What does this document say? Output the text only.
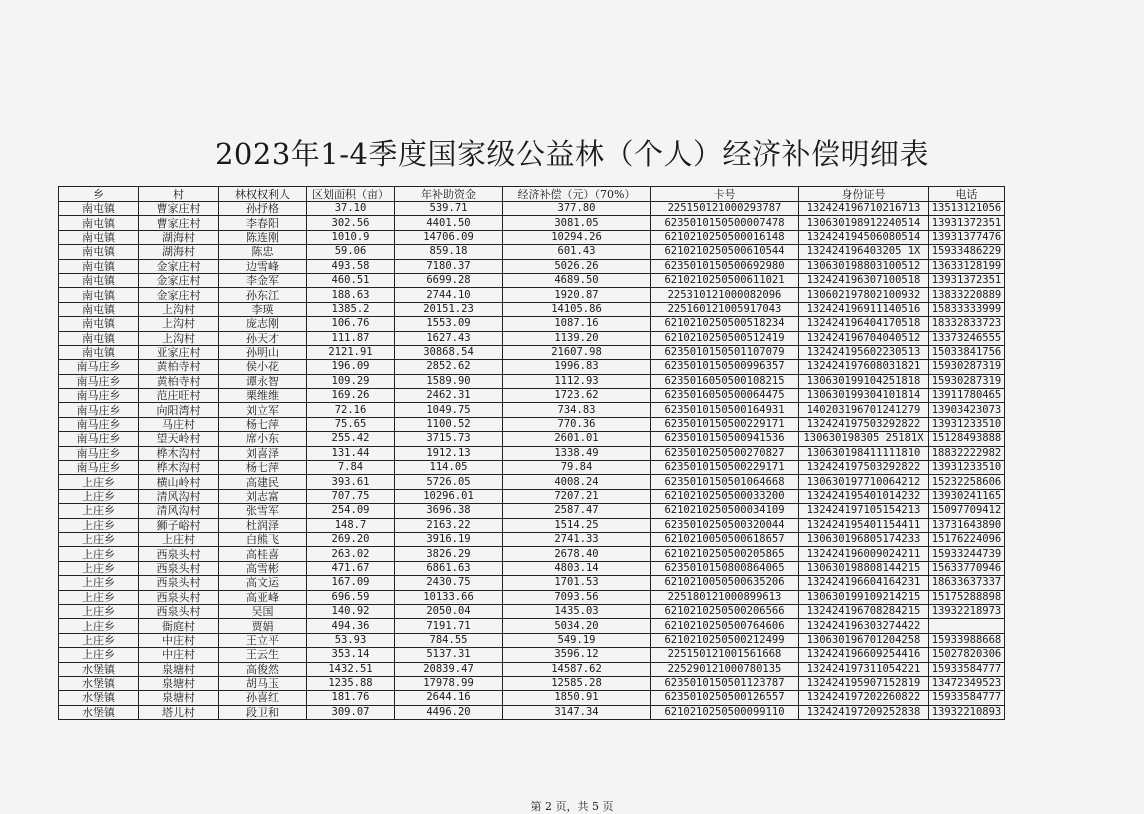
2023年1-4季度国家级公益林（个人）经济补偿明细表
乡	村	林权权利人	区划面积（亩）	年补助资金	经济补偿（元）（70%）	卡号	身份证号	电话
南屯镇	曹家庄村	孙抒格	37.10	539.71	377.80	225150121000293787	132424196710216713	13513121056
南屯镇	曹家庄村	李春阳	302.56	4401.50	3081.05	6235010150500007478	130630198912240514	13931372351
南屯镇	湖海村	陈连刚	1010.9	14706.09	10294.26	6210210250500016148	132424194506080514	13931377476
南屯镇	湖海村	陈忠	59.06	859.18	601.43	6210210250500610544	132424196403205 1X	15933486229
南屯镇	金家庄村	边雪峰	493.58	7180.37	5026.26	6235010150500692980	130630198803100512	13633128199
南屯镇	金家庄村	李金军	460.51	6699.28	4689.50	6210210250500611021	132424196307100518	13931372351
南屯镇	金家庄村	孙东江	188.63	2744.10	1920.87	225310121000082096	130602197802100932	13833220889
南屯镇	上沟村	李瑛	1385.2	20151.23	14105.86	225160121005917043	132424196911140516	15833333999
南屯镇	上沟村	庞志刚	106.76	1553.09	1087.16	6210210250500518234	132424196404170518	18332833723
南屯镇	上沟村	孙天才	111.87	1627.43	1139.20	6210210250500512419	132424196704040512	13373246555
南屯镇	亚家庄村	孙明山	2121.91	30868.54	21607.98	6235010150501107079	132424195602230513	15033841756
南马庄乡	黄柏寺村	侯小花	196.09	2852.62	1996.83	6235010150500996357	132424197608031821	15930287319
南马庄乡	黄柏寺村	谭永智	109.29	1589.90	1112.93	6235016050500108215	130630199104251818	15930287319
南马庄乡	范庄旺村	栗维维	169.26	2462.31	1723.62	6235016050500064475	130630199304101814	13911780465
南马庄乡	向阳湾村	刘立军	72.16	1049.75	734.83	6235010150500164931	140203196701241279	13903423073
南马庄乡	马庄村	杨七萍	75.65	1100.52	770.36	6235010150500229171	132424197503292822	13931233510
南马庄乡	望天岭村	席小东	255.42	3715.73	2601.01	6235010150500941536	130630198305 25181X	15128493888
南马庄乡	桦木沟村	刘喜泽	131.44	1912.13	1338.49	6235010250500270827	130630198411111810	18832222982
南马庄乡	桦木沟村	杨七萍	7.84	114.05	79.84	6235010150500229171	132424197503292822	13931233510
上庄乡	横山岭村	高建民	393.61	5726.05	4008.24	6235010150501064668	130630197710064212	15232258606
上庄乡	清风沟村	刘志富	707.75	10296.01	7207.21	6210210250500033200	132424195401014232	13930241165
上庄乡	清风沟村	张雪军	254.09	3696.38	2587.47	6210210250500034109	132424197105154213	15097709412
上庄乡	狮子峪村	杜润泽	148.7	2163.22	1514.25	6235010250500320044	132424195401154411	13731643890
上庄乡	上庄村	白熊飞	269.20	3916.19	2741.33	6210210050500618657	130630196805174233	15176224096
上庄乡	西泉头村	高桂喜	263.02	3826.29	2678.40	6210210250500205865	132424196009024211	15933244739
上庄乡	西泉头村	高雪彬	471.67	6861.63	4803.14	6235010150800864065	130630198808144215	15633770946
上庄乡	西泉头村	高文运	167.09	2430.75	1701.53	6210210050500635206	132424196604164231	18633637337
上庄乡	西泉头村	高亚峰	696.59	10133.66	7093.56	225180121000899613	130630199109214215	15175288898
上庄乡	西泉头村	吴国	140.92	2050.04	1435.03	6210210250500206566	132424196708284215	13932218973
上庄乡	衙庭村	贾娟	494.36	7191.71	5034.20	6210210250500764606	132424196303274422	
上庄乡	中庄村	王立平	53.93	784.55	549.19	6210210250500212499	130630196701204258	15933988668
上庄乡	中庄村	王云生	353.14	5137.31	3596.12	225150121001561668	132424196609254416	15027820306
水堡镇	泉塘村	高俊然	1432.51	20839.47	14587.62	225290121000780135	132424197311054221	15933584777
水堡镇	泉塘村	胡马玉	1235.88	17978.99	12585.28	6235010150501123787	132424195907152819	13472349523
水堡镇	泉塘村	孙喜红	181.76	2644.16	1850.91	6235010250500126557	132424197202260822	15933584777
水堡镇	塔儿村	段卫和	309.07	4496.20	3147.34	6210210250500099110	132424197209252838	13932210893
第 2 页，共 5 页
